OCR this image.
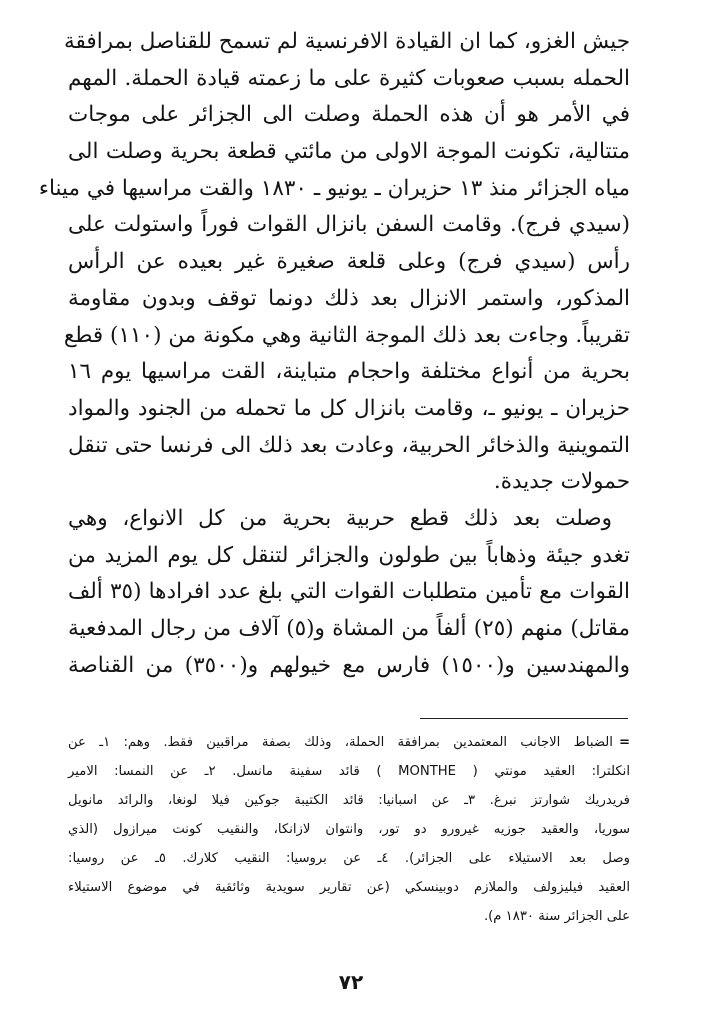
جيش الغزو، كما ان القيادة الافرنسية لم تسمح للقناصل بمرافقة
الحمله بسبب صعوبات كثيرة على ما زعمته قيادة الحملة. المهم
في الأمر هو أن هذه الحملة وصلت الى الجزائر على موجات
متتالية، تكونت الموجة الاولى من مائتي قطعة بحرية وصلت الى
مياه الجزائر منذ ١٣ حزيران ـ يونيو ـ ١٨٣٠ والقت مراسيها في ميناء
(سيدي فرج). وقامت السفن بانزال القوات فوراً واستولت على
رأس (سيدي فرج) وعلى قلعة صغيرة غير بعيده عن الرأس
المذكور، واستمر الانزال بعد ذلك دونما توقف وبدون مقاومة
تقريباً. وجاءت بعد ذلك الموجة الثانية وهي مكونة من (١١٠) قطع
بحرية من أنواع مختلفة واحجام متباينة، القت مراسيها يوم ١٦
حزيران ـ يونيو ـ، وقامت بانزال كل ما تحمله من الجنود والمواد
التموينية والذخائر الحربية، وعادت بعد ذلك الى فرنسا حتى تنقل
حمولات جديدة.
وصلت بعد ذلك قطع حربية بحرية من كل الانواع، وهي
تغدو جيئة وذهاباً بين طولون والجزائر لتنقل كل يوم المزيد من
القوات مع تأمين متطلبات القوات التي بلغ عدد افرادها (٣٥ ألف
مقاتل) منهم (٢٥) ألفاً من المشاة و(٥) آلاف من رجال المدفعية
والمهندسين و(١٥٠٠) فارس مع خيولهم و(٣٥٠٠) من القناصة
=الضباط الاجانب المعتمدين بمرافقة الحملة، وذلك بصفة مراقبين فقط. وهم: ١ـ عن
انكلترا: العقيد مونتي ( MONTHE ) قائد سفينة مانسل. ٢ـ عن النمسا: الامير
فريدريك شوارتز نبرغ. ٣ـ عن اسبانيا: قائد الكتيبة جوكين فيلا لونغا، والرائد مانويل
سوريا، والعقيد جوزيه غيرورو دو تور، وانتوان لازانكا، والنقيب كونت ميرازول (الذي
وصل بعد الاستيلاء على الجزائر). ٤ـ عن بروسيا: النقيب كلارك. ٥ـ عن روسيا:
العقيد فيليزولف والملازم دوبينسكي (عن تقارير سويدية وثائقية في موضوع الاستيلاء
على الجزائر سنة ١٨٣٠ م).
٧٢
